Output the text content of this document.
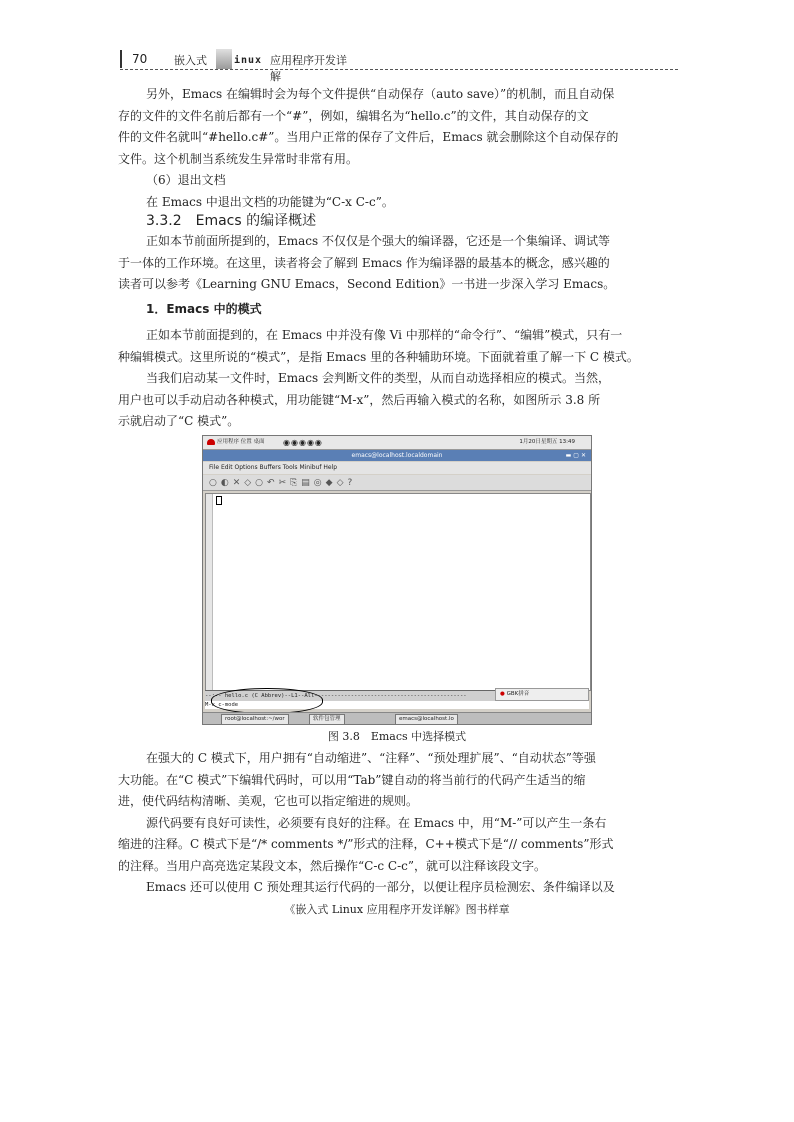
70 嵌入式	inux 应用程序开发详解
另外，Emacs 在编辑时会为每个文件提供“自动保存（auto save）”的机制，而且自动保
存的文件的文件名前后都有一个“#”，例如，编辑名为“hello.c”的文件，其自动保存的文
件的文件名就叫“#hello.c#”。当用户正常的保存了文件后，Emacs 就会删除这个自动保存的
文件。这个机制当系统发生异常时非常有用。
（6）退出文档
在 Emacs 中退出文档的功能键为“C-x C-c”。
3.3.2　Emacs 的编译概述
正如本节前面所提到的，Emacs 不仅仅是个强大的编译器，它还是一个集编译、调试等
于一体的工作环境。在这里，读者将会了解到 Emacs 作为编译器的最基本的概念，感兴趣的
读者可以参考《Learning GNU Emacs，Second Edition》一书进一步深入学习 Emacs。
1．Emacs 中的模式
正如本节前面提到的，在 Emacs 中并没有像 Vi 中那样的“命令行”、“编辑”模式，只有一
种编辑模式。这里所说的“模式”，是指 Emacs 里的各种辅助环境。下面就着重了解一下 C 模式。
当我们启动某一文件时，Emacs 会判断文件的类型，从而自动选择相应的模式。当然，
用户也可以手动启动各种模式，用功能键“M-x”，然后再输入模式的名称，如图所示 3.8 所
示就启动了“C 模式”。
应用程序 位置 桌面 ◉◉◉◉◉	1月20日星期五 13:49
emacs@localhost.localdomain	▬▢✕
File Edit Options Buffers Tools Minibuf Help
○◐✕◇○↶✂⎘▤◎◆◇?
--:-- hello.c (C Abbrev)--L1--All----------------------------------------------
M-x c-mode
● GBK拼音
root@localhost:~/wor	软件包管理	emacs@localhost.lo
图 3.8　Emacs 中选择模式
在强大的 C 模式下，用户拥有“自动缩进”、“注释”、“预处理扩展”、“自动状态”等强
大功能。在“C 模式”下编辑代码时，可以用“Tab”键自动的将当前行的代码产生适当的缩
进，使代码结构清晰、美观，它也可以指定缩进的规则。
源代码要有良好可读性，必须要有良好的注释。在 Emacs 中，用“M-”可以产生一条右
缩进的注释。C 模式下是“/* comments */”形式的注释，C++模式下是“// comments”形式
的注释。当用户高亮选定某段文本，然后操作“C-c C-c”，就可以注释该段文字。
Emacs 还可以使用 C 预处理其运行代码的一部分，以便让程序员检测宏、条件编译以及
《嵌入式 Linux 应用程序开发详解》图书样章
